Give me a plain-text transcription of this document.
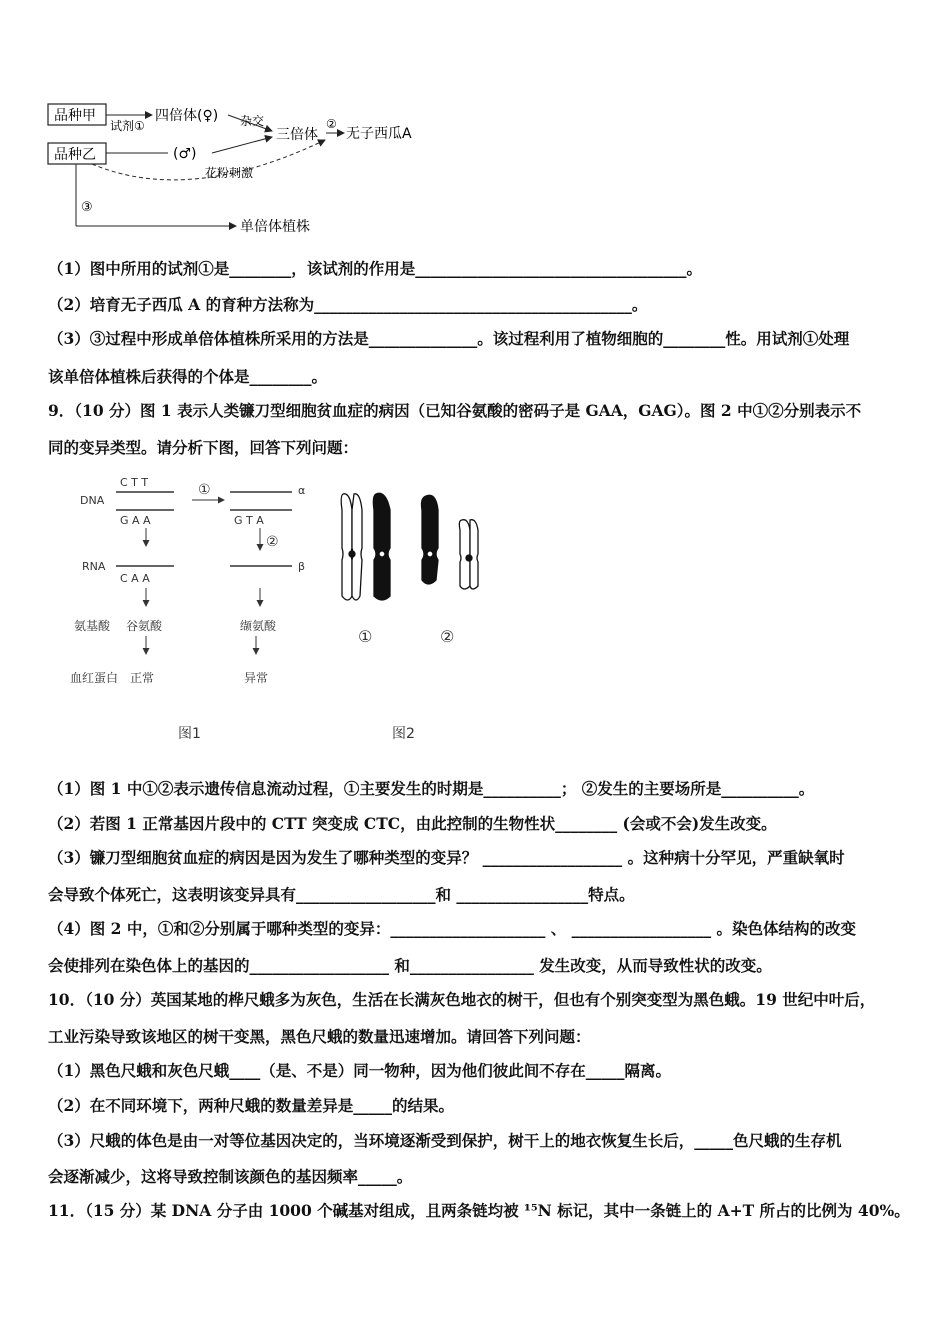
品种甲
品种乙
试剂①
四倍体(♀)
(♂)
杂交
三倍体
②
无子西瓜A
花粉刺激
③
单倍体植株
（1）图中所用的试剂①是________，该试剂的作用是___________________________________。
（2）培育无子西瓜 A 的育种方法称为_________________________________________。
（3）③过程中形成单倍体植株所采用的方法是______________。该过程利用了植物细胞的________性。用试剂①处理
该单倍体植株后获得的个体是________。
9．（10 分）图 1 表示人类镰刀型细胞贫血症的病因（已知谷氨酸的密码子是 GAA，GAG）。图 2 中①②分别表示不
同的变异类型。请分析下图，回答下列问题：
DNA
C T T
G A A
RNA
C A A
氨基酸 谷氨酸
血红蛋白 正常
①	α
G T A
②
β
缬氨酸
异常
图1	图2
①	②
（1）图 1 中①②表示遗传信息流动过程，①主要发生的时期是__________； ②发生的主要场所是__________。
（2）若图 1 正常基因片段中的 CTT 突变成 CTC，由此控制的生物性状________ (会或不会)发生改变。
（3）镰刀型细胞贫血症的病因是因为发生了哪种类型的变异？ __________________ 。这种病十分罕见，严重缺氧时
会导致个体死亡，这表明该变异具有__________________和 _________________特点。
（4）图 2 中，①和②分别属于哪种类型的变异：____________________ 、 __________________ 。染色体结构的改变
会使排列在染色体上的基因的__________________ 和________________ 发生改变，从而导致性状的改变。
10．（10 分）英国某地的桦尺蛾多为灰色，生活在长满灰色地衣的树干，但也有个别突变型为黑色蛾。19 世纪中叶后，
工业污染导致该地区的树干变黑，黑色尺蛾的数量迅速增加。请回答下列问题：
（1）黑色尺蛾和灰色尺蛾____（是、不是）同一物种，因为他们彼此间不存在_____隔离。
（2）在不同环境下，两种尺蛾的数量差异是_____的结果。
（3）尺蛾的体色是由一对等位基因决定的，当环境逐渐受到保护，树干上的地衣恢复生长后，_____色尺蛾的生存机
会逐渐减少，这将导致控制该颜色的基因频率_____。
11．（15 分）某 DNA 分子由 1000 个碱基对组成，且两条链均被 ¹⁵N 标记，其中一条链上的 A+T 所占的比例为 40%。
